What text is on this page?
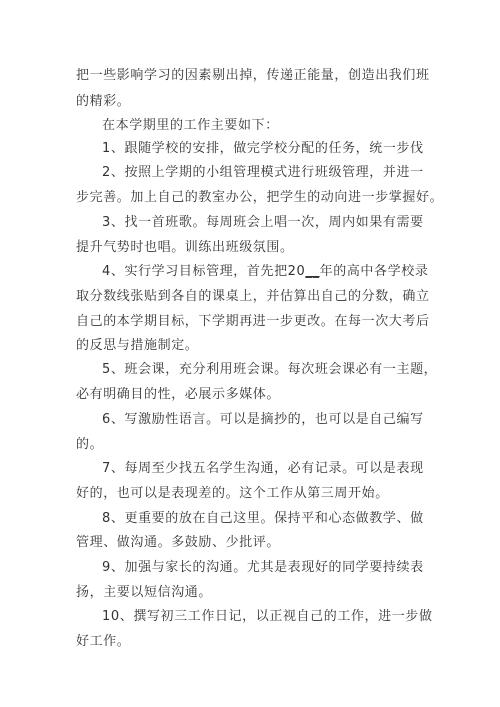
把一些影响学习的因素剔出掉，传递正能量，创造出我们班
的精彩。
在本学期里的工作主要如下：
1、跟随学校的安排，做完学校分配的任务，统一步伐
2、按照上学期的小组管理模式进行班级管理，并进一
步完善。加上自己的教室办公，把学生的动向进一步掌握好。
3、找一首班歌。每周班会上唱一次，周内如果有需要
提升气势时也唱。训练出班级氛围。
4、实行学习目标管理，首先把20__年的高中各学校录
取分数线张贴到各自的课桌上，并估算出自己的分数，确立
自己的本学期目标，下学期再进一步更改。在每一次大考后
的反思与措施制定。
5、班会课，充分利用班会课。每次班会课必有一主题，
必有明确目的性，必展示多媒体。
6、写激励性语言。可以是摘抄的，也可以是自己编写
的。
7、每周至少找五名学生沟通，必有记录。可以是表现
好的，也可以是表现差的。这个工作从第三周开始。
8、更重要的放在自己这里。保持平和心态做教学、做
管理、做沟通。多鼓励、少批评。
9、加强与家长的沟通。尤其是表现好的同学要持续表
扬，主要以短信沟通。
10、撰写初三工作日记，以正视自己的工作，进一步做
好工作。
